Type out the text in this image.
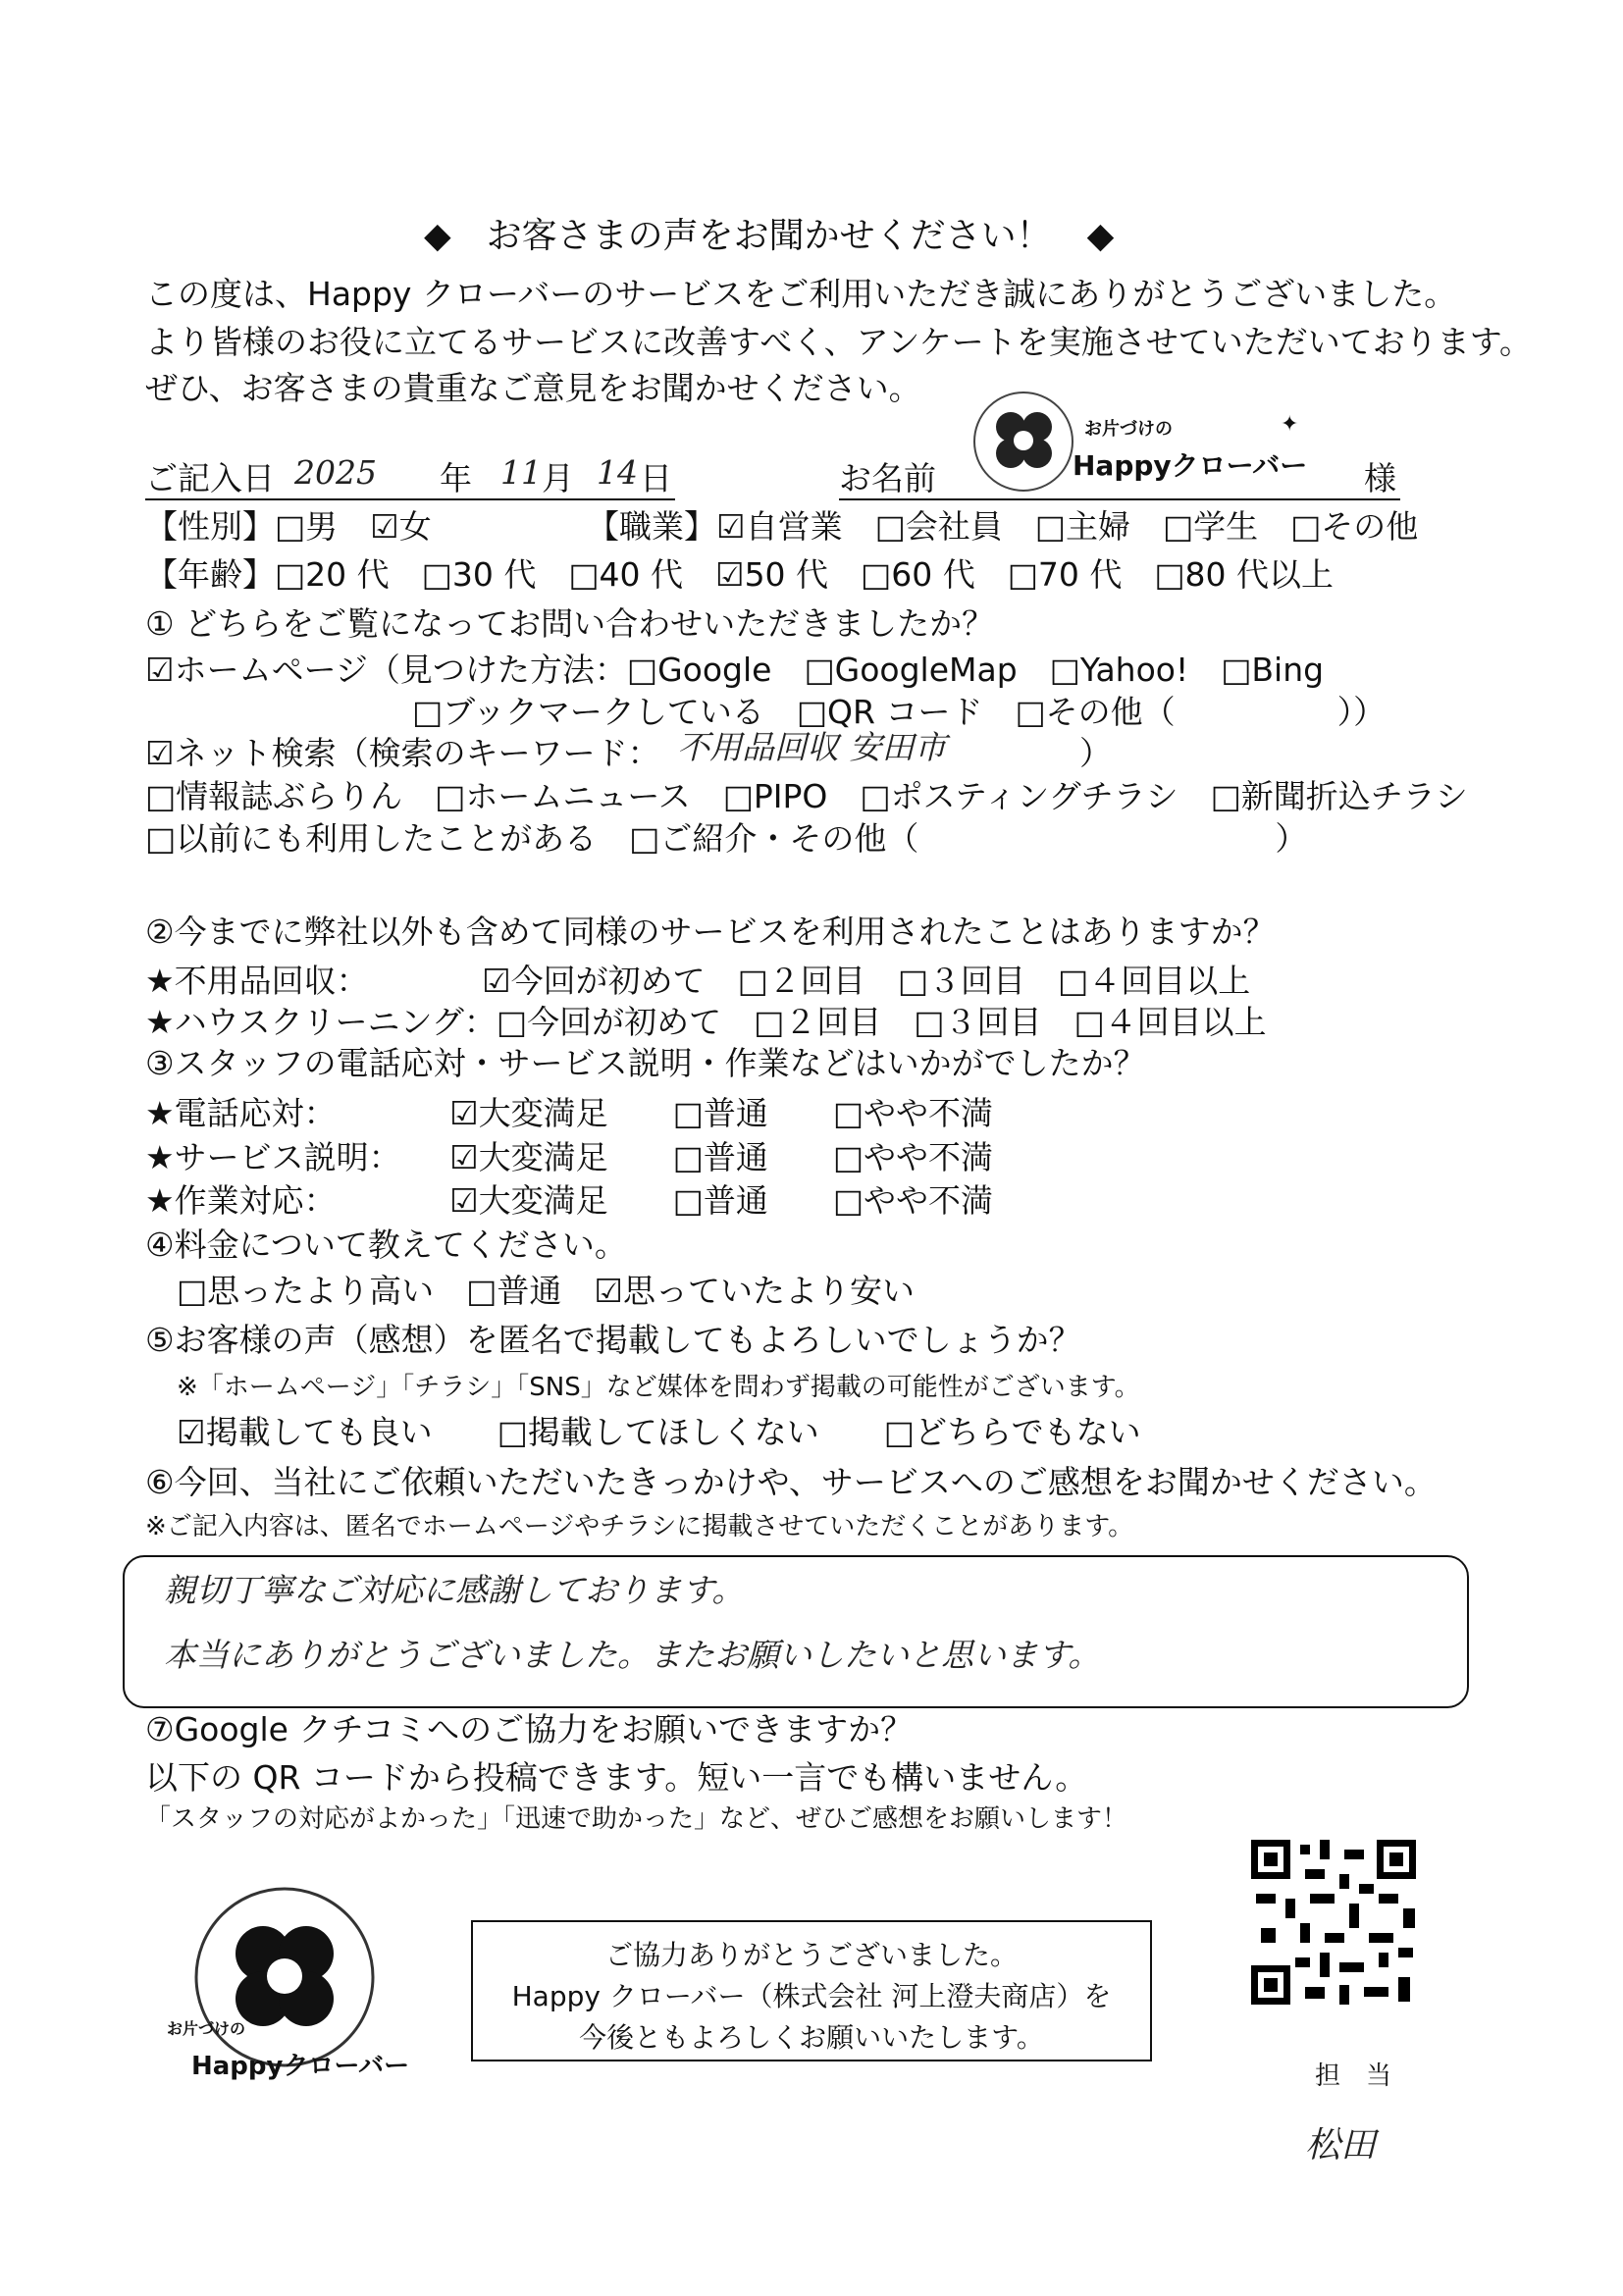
◆　お客さまの声をお聞かせください！　◆
この度は、Happy クローバーのサービスをご利用いただき誠にありがとうございました。
より皆様のお役に立てるサービスに改善すべく、アンケートを実施させていただいております。
ぜひ、お客さまの貴重なご意見をお聞かせください。
お片づけの
Happyクローバー
✦
ご記入日 2025 年 11 月 14 日	お名前	様
【性別】□男　☑女	【職業】☑自営業　□会社員　□主婦　□学生　□その他
【年齢】□20 代　□30 代　□40 代　☑50 代　□60 代　□70 代　□80 代以上
① どちらをご覧になってお問い合わせいただきましたか？
☑ホームページ（見つけた方法：□Google　□GoogleMap　□Yahoo!　□Bing
□ブックマークしている　□QR コード　□その他（　　　　　））
☑ネット検索（検索のキーワード： 不用品回収 安田市	）
□情報誌ぶらりん　□ホームニュース　□PIPO　□ポスティングチラシ　□新聞折込チラシ
□以前にも利用したことがある　□ご紹介・その他（　　　　　　　　　　　）
②今までに弊社以外も含めて同様のサービスを利用されたことはありますか？
★不用品回収：　　　　☑今回が初めて　□２回目　□３回目　□４回目以上
★ハウスクリーニング：□今回が初めて　□２回目　□３回目　□４回目以上
③スタッフの電話応対・サービス説明・作業などはいかがでしたか？
★電話応対：　　　　☑大変満足　　□普通　　□やや不満
★サービス説明：　　☑大変満足　　□普通　　□やや不満
★作業対応：　　　　☑大変満足　　□普通　　□やや不満
④料金について教えてください。
□思ったより高い　□普通　☑思っていたより安い
⑤お客様の声（感想）を匿名で掲載してもよろしいでしょうか？
※「ホームページ」「チラシ」「SNS」など媒体を問わず掲載の可能性がございます。
☑掲載しても良い　　□掲載してほしくない　　□どちらでもない
⑥今回、当社にご依頼いただいたきっかけや、サービスへのご感想をお聞かせください。
※ご記入内容は、匿名でホームページやチラシに掲載させていただくことがあります。
親切丁寧なご対応に感謝しております。
本当にありがとうございました。またお願いしたいと思います。
⑦Google クチコミへのご協力をお願いできますか？
以下の QR コードから投稿できます。短い一言でも構いません。
「スタッフの対応がよかった」「迅速で助かった」など、ぜひご感想をお願いします！
お片づけの
Happyクローバー
ご協力ありがとうございました。
Happy クローバー（株式会社 河上澄夫商店）を
今後ともよろしくお願いいたします。
担　当
松田
